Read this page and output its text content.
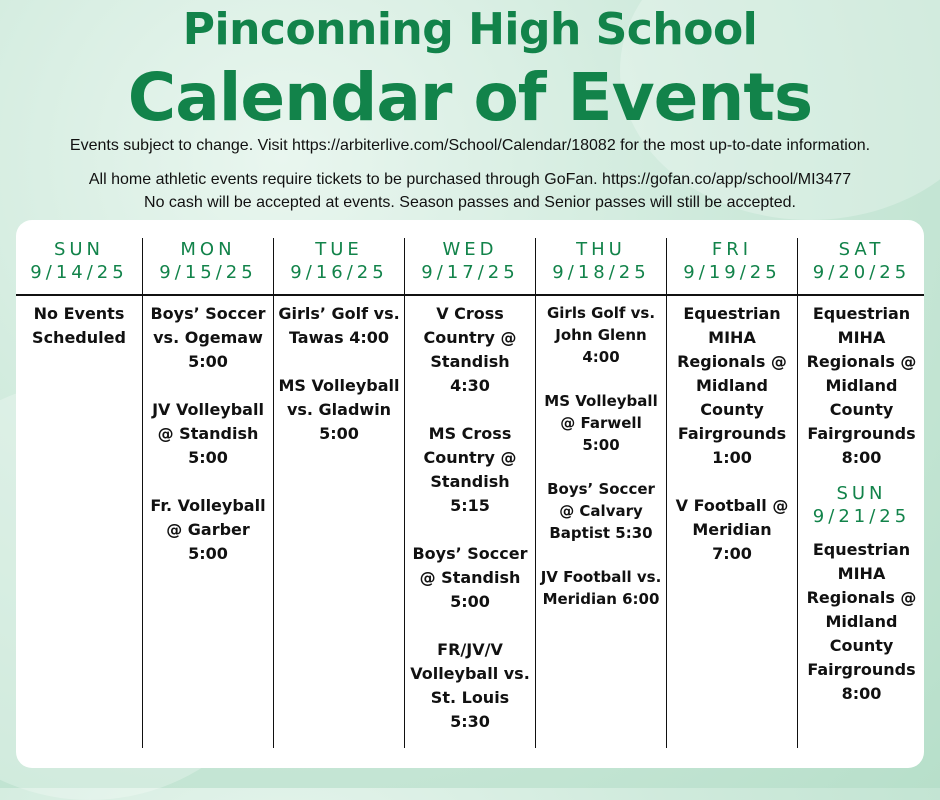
Pinconning High School
Calendar of Events
Events subject to change. Visit https://arbiterlive.com/School/Calendar/18082 for the most up-to-date information.
All home athletic events require tickets to be purchased through GoFan. https://gofan.co/app/school/MI3477
No cash will be accepted at events. Season passes and Senior passes will still be accepted.
SUN
9/14/25
No Events Scheduled
MON
9/15/25
Boys’ Soccer vs. Ogemaw 5:00
JV Volleyball @ Standish 5:00
Fr. Volleyball @ Garber 5:00
TUE
9/16/25
Girls’ Golf vs. Tawas 4:00
MS Volleyball vs. Gladwin 5:00
WED
9/17/25
V Cross Country @ Standish 4:30
MS Cross Country @ Standish 5:15
Boys’ Soccer @ Standish 5:00
FR/JV/V Volleyball vs. St. Louis 5:30
THU
9/18/25
Girls Golf vs. John Glenn 4:00
MS Volleyball @ Farwell 5:00
Boys’ Soccer @ Calvary Baptist 5:30
JV Football vs. Meridian 6:00
FRI
9/19/25
Equestrian MIHA Regionals @ Midland County Fairgrounds 1:00
V Football @ Meridian 7:00
SAT
9/20/25
Equestrian MIHA Regionals @ Midland County Fairgrounds 8:00
SUN
9/21/25
Equestrian MIHA Regionals @ Midland County Fairgrounds 8:00
